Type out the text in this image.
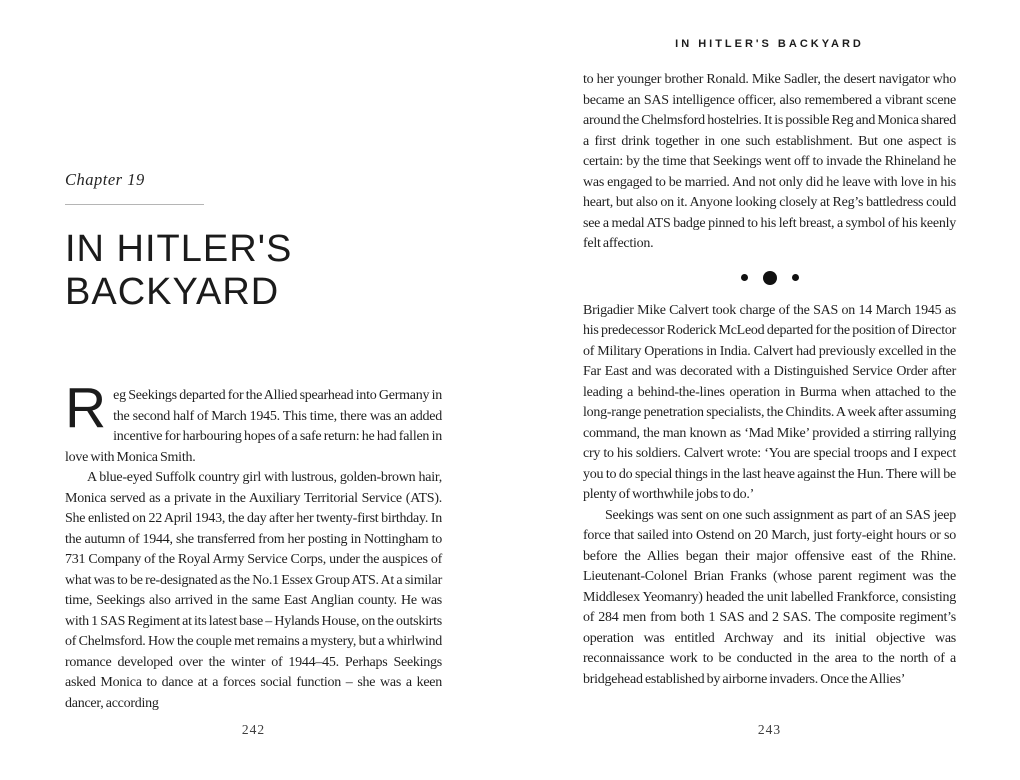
Chapter 19
IN HITLER'S
BACKYARD

Reg Seekings departed for the Allied spearhead into Germany in the second half of March 1945. This time, there was an added incentive for harbouring hopes of a safe return: he had fallen in love with Monica Smith.

A blue-eyed Suffolk country girl with lustrous, golden-brown hair, Monica served as a private in the Auxiliary Territorial Service (ATS). She enlisted on 22 April 1943, the day after her twenty-first birthday. In the autumn of 1944, she transferred from her posting in Nottingham to 731 Company of the Royal Army Service Corps, under the auspices of what was to be re-designated as the No.1 Essex Group ATS. At a similar time, Seekings also arrived in the same East Anglian county. He was with 1 SAS Regiment at its latest base – Hylands House, on the outskirts of Chelmsford. How the couple met remains a mystery, but a whirlwind romance developed over the winter of 1944–45. Perhaps Seekings asked Monica to dance at a forces social function – she was a keen dancer, according

242
IN HITLER'S BACKYARD

to her younger brother Ronald. Mike Sadler, the desert navigator who became an SAS intelligence officer, also remembered a vibrant scene around the Chelmsford hostelries. It is possible Reg and Monica shared a first drink together in one such establishment. But one aspect is certain: by the time that Seekings went off to invade the Rhineland he was engaged to be married. And not only did he leave with love in his heart, but also on it. Anyone looking closely at Reg’s battledress could see a medal ATS badge pinned to his left breast, a symbol of his keenly felt affection.

Brigadier Mike Calvert took charge of the SAS on 14 March 1945 as his predecessor Roderick McLeod departed for the position of Director of Military Operations in India. Calvert had previously excelled in the Far East and was decorated with a Distinguished Service Order after leading a behind-the-lines operation in Burma when attached to the long-range penetration specialists, the Chindits. A week after assuming command, the man known as ‘Mad Mike’ provided a stirring rallying cry to his soldiers. Calvert wrote: ‘You are special troops and I expect you to do special things in the last heave against the Hun. There will be plenty of worthwhile jobs to do.’

Seekings was sent on one such assignment as part of an SAS jeep force that sailed into Ostend on 20 March, just forty-eight hours or so before the Allies began their major offensive east of the Rhine. Lieutenant-Colonel Brian Franks (whose parent regiment was the Middlesex Yeomanry) headed the unit labelled Frankforce, consisting of 284 men from both 1 SAS and 2 SAS. The composite regiment’s operation was entitled Archway and its initial objective was reconnaissance work to be conducted in the area to the north of a bridgehead established by airborne invaders. Once the Allies’

243
